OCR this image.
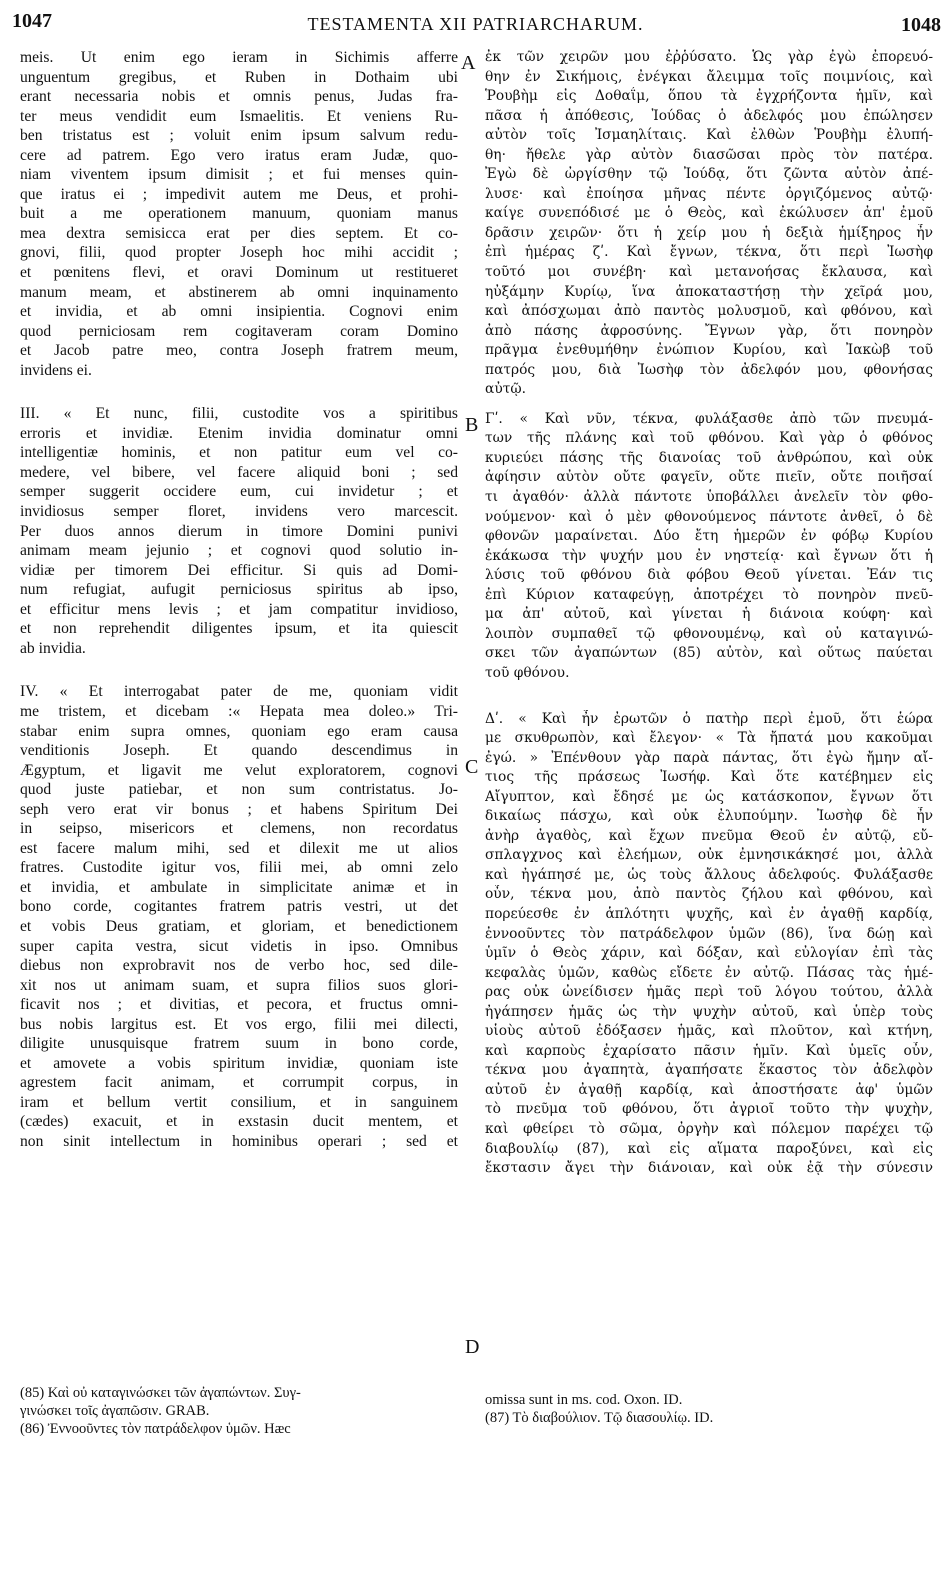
1047	TESTAMENTA XII PATRIARCHARUM.	1048
meis. Ut enim ego ieram in Sichimis afferre
unguentum gregibus, et Ruben in Dothaim ubi
erant necessaria nobis et omnis penus, Judas fra-
ter meus vendidit eum Ismaelitis. Et veniens Ru-
ben tristatus est ; voluit enim ipsum salvum redu-
cere ad patrem. Ego vero iratus eram Judæ, quo-
niam viventem ipsum dimisit ; et fui menses quin-
que iratus ei ; impedivit autem me Deus, et prohi-
buit a me operationem manuum, quoniam manus
mea dextra semisicca erat per dies septem. Et co-
gnovi, filii, quod propter Joseph hoc mihi accidit ;
et pœnitens flevi, et oravi Dominum ut restitueret
manum meam, et abstinerem ab omni inquinamento
et invidia, et ab omni insipientia. Cognovi enim
quod perniciosam rem cogitaveram coram Domino
et Jacob patre meo, contra Joseph fratrem meum,
invidens ei.
III. « Et nunc, filii, custodite vos a spiritibus
erroris et invidiæ. Etenim invidia dominatur omni
intelligentiæ hominis, et non patitur eum vel co-
medere, vel bibere, vel facere aliquid boni ; sed
semper suggerit occidere eum, cui invidetur ; et
invidiosus semper floret, invidens vero marcescit.
Per duos annos dierum in timore Domini punivi
animam meam jejunio ; et cognovi quod solutio in-
vidiæ per timorem Dei efficitur. Si quis ad Domi-
num refugiat, aufugit perniciosus spiritus ab ipso,
et efficitur mens levis ; et jam compatitur invidioso,
et non reprehendit diligentes ipsum, et ita quiescit
ab invidia.
IV. « Et interrogabat pater de me, quoniam vidit
me tristem, et dicebam :« Hepata mea doleo.» Tri-
stabar enim supra omnes, quoniam ego eram causa
venditionis Joseph. Et quando descendimus in
Ægyptum, et ligavit me velut exploratorem, cognovi
quod juste patiebar, et non sum contristatus. Jo-
seph vero erat vir bonus ; et habens Spiritum Dei
in seipso, misericors et clemens, non recordatus
est facere malum mihi, sed et dilexit me ut alios
fratres. Custodite igitur vos, filii mei, ab omni zelo
et invidia, et ambulate in simplicitate animæ et in
bono corde, cogitantes fratrem patris vestri, ut det
et vobis Deus gratiam, et gloriam, et benedictionem
super capita vestra, sicut videtis in ipso. Omnibus
diebus non exprobravit nos de verbo hoc, sed dile-
xit nos ut animam suam, et supra filios suos glori-
ficavit nos ; et divitias, et pecora, et fructus omni-
bus nobis largitus est. Et vos ergo, filii mei dilecti,
diligite unusquisque fratrem suum in bono corde,
et amovete a vobis spiritum invidiæ, quoniam iste
agrestem facit animam, et corrumpit corpus, in
iram et bellum vertit consilium, et in sanguinem
(cædes) exacuit, et in exstasin ducit mentem, et
non sinit intellectum in hominibus operari ; sed et
ἐκ τῶν χειρῶν μου ἐῤῥύσατο. Ὡς γὰρ ἐγὼ ἐπορευό-
θην ἐν Σικήμοις, ἐνέγκαι ἄλειμμα τοῖς ποιμνίοις, καὶ
Ῥουβὴμ εἰς Δοθαΐμ, ὅπου τὰ ἐγχρήζοντα ἡμῖν, καὶ
πᾶσα ἡ ἀπόθεσις, Ἰούδας ὁ ἀδελφός μου ἐπώλησεν
αὐτὸν τοῖς Ἰσμαηλίταις. Καὶ ἐλθὼν Ῥουβὴμ ἐλυπή-
θη· ἤθελε γὰρ αὐτὸν διασῶσαι πρὸς τὸν πατέρα.
Ἐγὼ δὲ ὠργίσθην τῷ Ἰούδᾳ, ὅτι ζῶντα αὐτὸν ἀπέ-
λυσε· καὶ ἐποίησα μῆνας πέντε ὀργιζόμενος αὐτῷ·
καίγε συνεπόδισέ με ὁ Θεὸς, καὶ ἐκώλυσεν ἀπ' ἐμοῦ
δρᾶσιν χειρῶν· ὅτι ἡ χείρ μου ἡ δεξιὰ ἡμίξηρος ἦν
ἐπὶ ἡμέρας ζʹ. Καὶ ἔγνων, τέκνα, ὅτι περὶ Ἰωσὴφ
τοῦτό μοι συνέβη· καὶ μετανοήσας ἔκλαυσα, καὶ
ηὐξάμην Κυρίῳ, ἵνα ἀποκαταστήσῃ τὴν χεῖρά μου,
καὶ ἀπόσχωμαι ἀπὸ παντὸς μολυσμοῦ, καὶ φθόνου, καὶ
ἀπὸ πάσης ἀφροσύνης. Ἔγνων γὰρ, ὅτι πονηρὸν
πρᾶγμα ἐνεθυμήθην ἐνώπιον Κυρίου, καὶ Ἰακὼβ τοῦ
πατρός μου, διὰ Ἰωσὴφ τὸν ἀδελφόν μου, φθονήσας
αὐτῷ.
Γʹ. « Καὶ νῦν, τέκνα, φυλάξασθε ἀπὸ τῶν πνευμά-
των τῆς πλάνης καὶ τοῦ φθόνου. Καὶ γὰρ ὁ φθόνος
κυριεύει πάσης τῆς διανοίας τοῦ ἀνθρώπου, καὶ οὐκ
ἀφίησιν αὐτὸν οὔτε φαγεῖν, οὔτε πιεῖν, οὔτε ποιῆσαί
τι ἀγαθόν· ἀλλὰ πάντοτε ὑποβάλλει ἀνελεῖν τὸν φθο-
νούμενον· καὶ ὁ μὲν φθονούμενος πάντοτε ἀνθεῖ, ὁ δὲ
φθονῶν μαραίνεται. Δύο ἔτη ἡμερῶν ἐν φόβῳ Κυρίου
ἐκάκωσα τὴν ψυχήν μου ἐν νηστείᾳ· καὶ ἔγνων ὅτι ἡ
λύσις τοῦ φθόνου διὰ φόβου Θεοῦ γίνεται. Ἐάν τις
ἐπὶ Κύριον καταφεύγῃ, ἀποτρέχει τὸ πονηρὸν πνεῦ-
μα ἀπ' αὐτοῦ, καὶ γίνεται ἡ διάνοια κούφη· καὶ
λοιπὸν συμπαθεῖ τῷ φθονουμένῳ, καὶ οὐ καταγινώ-
σκει τῶν ἀγαπώντων (85) αὐτὸν, καὶ οὕτως παύεται
τοῦ φθόνου.
Δʹ. « Καὶ ἦν ἐρωτῶν ὁ πατὴρ περὶ ἐμοῦ, ὅτι ἑώρα
με σκυθρωπὸν, καὶ ἔλεγον· « Τὰ ἤπατά μου κακοῦμαι
ἐγώ. » Ἐπένθουν γὰρ παρὰ πάντας, ὅτι ἐγὼ ἤμην αἴ-
τιος τῆς πράσεως Ἰωσήφ. Καὶ ὅτε κατέβημεν εἰς
Αἴγυπτον, καὶ ἔδησέ με ὡς κατάσκοπον, ἔγνων ὅτι
δικαίως πάσχω, καὶ οὐκ ἐλυπούμην. Ἰωσὴφ δὲ ἦν
ἀνὴρ ἀγαθὸς, καὶ ἔχων πνεῦμα Θεοῦ ἐν αὐτῷ, εὔ-
σπλαγχνος καὶ ἐλεήμων, οὐκ ἐμνησικάκησέ μοι, ἀλλὰ
καὶ ἠγάπησέ με, ὡς τοὺς ἄλλους ἀδελφούς. Φυλάξασθε
οὖν, τέκνα μου, ἀπὸ παντὸς ζήλου καὶ φθόνου, καὶ
πορεύεσθε ἐν ἁπλότητι ψυχῆς, καὶ ἐν ἀγαθῇ καρδίᾳ,
ἐννοοῦντες τὸν πατράδελφον ὑμῶν (86), ἵνα δώῃ καὶ
ὑμῖν ὁ Θεὸς χάριν, καὶ δόξαν, καὶ εὐλογίαν ἐπὶ τὰς
κεφαλὰς ὑμῶν, καθὼς εἴδετε ἐν αὐτῷ. Πάσας τὰς ἡμέ-
ρας οὐκ ὠνείδισεν ἡμᾶς περὶ τοῦ λόγου τούτου, ἀλλὰ
ἠγάπησεν ἡμᾶς ὡς τὴν ψυχὴν αὐτοῦ, καὶ ὑπὲρ τοὺς
υἱοὺς αὐτοῦ ἐδόξασεν ἡμᾶς, καὶ πλοῦτον, καὶ κτήνη,
καὶ καρποὺς ἐχαρίσατο πᾶσιν ἡμῖν. Καὶ ὑμεῖς οὖν,
τέκνα μου ἀγαπητὰ, ἀγαπήσατε ἕκαστος τὸν ἀδελφὸν
αὐτοῦ ἐν ἀγαθῇ καρδίᾳ, καὶ ἀποστήσατε ἀφ' ὑμῶν
τὸ πνεῦμα τοῦ φθόνου, ὅτι ἀγριοῖ τοῦτο τὴν ψυχὴν,
καὶ φθείρει τὸ σῶμα, ὀργὴν καὶ πόλεμον παρέχει τῷ
διαβουλίῳ (87), καὶ εἰς αἵματα παροξύνει, καὶ εἰς
ἔκστασιν ἄγει τὴν διάνοιαν, καὶ οὐκ ἐᾷ τὴν σύνεσιν
A
B
C
D
(85) Καὶ οὐ καταγινώσκει τῶν ἀγαπώντων. Συγ-
γινώσκει τοῖς ἀγαπῶσιν. GRAB.
(86) Ἐννοοῦντες τὸν πατράδελφον ὑμῶν. Hæc
omissa sunt in ms. cod. Oxon. ID.
(87) Τὸ διαβούλιον. Τῷ διασουλίῳ. ID.
